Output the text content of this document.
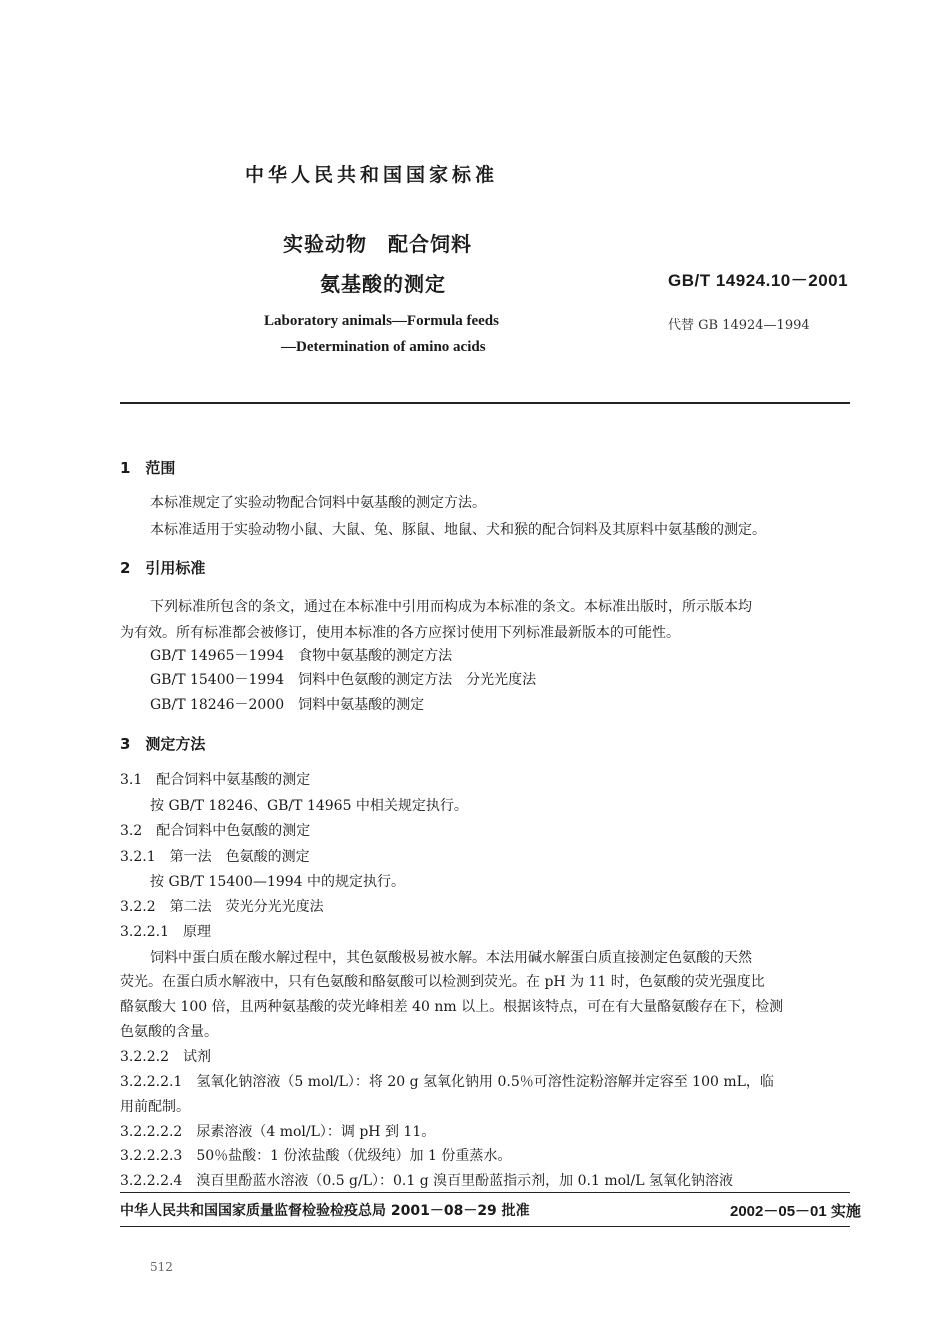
中华人民共和国国家标准
实验动物　配合饲料
氨基酸的测定	GB/T 14924.10－2001
Laboratory animals—Formula feeds
—Determination of amino acids
代替 GB 14924—1994
1　范围
本标准规定了实验动物配合饲料中氨基酸的测定方法。
本标准适用于实验动物小鼠、大鼠、兔、豚鼠、地鼠、犬和猴的配合饲料及其原料中氨基酸的测定。
2　引用标准
下列标准所包含的条文，通过在本标准中引用而构成为本标准的条文。本标准出版时，所示版本均
为有效。所有标准都会被修订，使用本标准的各方应探讨使用下列标准最新版本的可能性。
GB/T 14965－1994　食物中氨基酸的测定方法
GB/T 15400－1994　饲料中色氨酸的测定方法　分光光度法
GB/T 18246－2000　饲料中氨基酸的测定
3　测定方法
3.1　配合饲料中氨基酸的测定
按 GB/T 18246、GB/T 14965 中相关规定执行。
3.2　配合饲料中色氨酸的测定
3.2.1　第一法　色氨酸的测定
按 GB/T 15400—1994 中的规定执行。
3.2.2　第二法　荧光分光光度法
3.2.2.1　原理
饲料中蛋白质在酸水解过程中，其色氨酸极易被水解。本法用碱水解蛋白质直接测定色氨酸的天然
荧光。在蛋白质水解液中，只有色氨酸和酪氨酸可以检测到荧光。在 pH 为 11 时，色氨酸的荧光强度比
酪氨酸大 100 倍，且两种氨基酸的荧光峰相差 40 nm 以上。根据该特点，可在有大量酪氨酸存在下，检测
色氨酸的含量。
3.2.2.2　试剂
3.2.2.2.1　氢氧化钠溶液（5 mol/L）：将 20 g 氢氧化钠用 0.5％可溶性淀粉溶解并定容至 100 mL，临
用前配制。
3.2.2.2.2　尿素溶液（4 mol/L）：调 pH 到 11。
3.2.2.2.3　50％盐酸：1 份浓盐酸（优级纯）加 1 份重蒸水。
3.2.2.2.4　溴百里酚蓝水溶液（0.5 g/L）：0.1 g 溴百里酚蓝指示剂，加 0.1 mol/L 氢氧化钠溶液
中华人民共和国国家质量监督检验检疫总局 2001－08－29 批准	2002－05－01 实施
512
